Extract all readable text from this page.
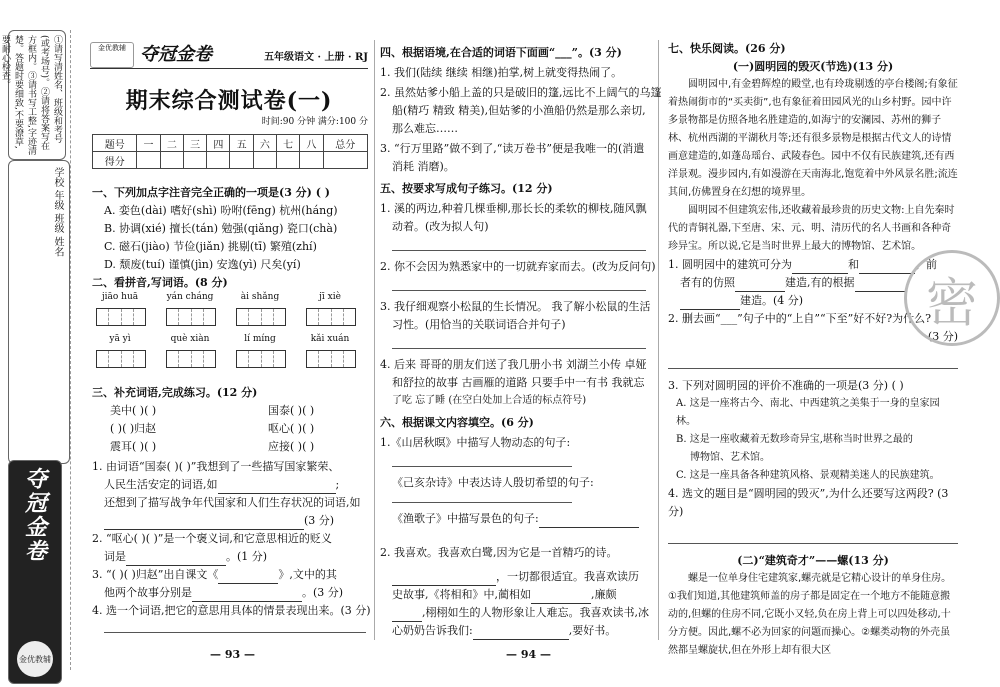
①请写清姓名、班级和考号(或考场号)。②请将答案写在方框内。③请书写工整,字迹清楚。答题时要细致,不要潦草,要耐心检查。
学校 年级 班级 姓名
夺冠金卷
金优教辅
金优教辅 夺冠金卷	五年级语文 · 上册 · RJ
期末综合测试卷(一)
时间:90 分钟 满分:100 分
题号	一	二	三	四	五	六	七	八	总分
得分									
一、下列加点字注音完全正确的一项是(3 分) ( )
A. 娈色(dài) 嗜好(shì) 吩咐(fēng) 杭州(háng)
B. 协调(xié) 擅长(tán) 勉强(qiǎng) 瓷口(chà)
C. 磁石(jiào) 节俭(jiǎn) 挑剔(tī) 繁殖(zhí)
D. 颓废(tuí) 谨慎(jìn) 安逸(yì) 尺矣(yí)
二、看拼音,写词语。(8 分)
jiāo huā	yán cháng	ài shǎng	jī xiè
yā yì	què xiàn	lí míng	kǎi xuán
三、补充词语,完成练习。(12 分)
美中( )( )	国泰( )( )
( )( )归赵	呕心( )( )
震耳( )( )	应接( )( )
1. 由词语“国泰( )( )”我想到了一些描写国家繁荣、
人民生活安定的词语,如	;
还想到了描写战争年代国家和人们生存状况的词语,如
(3 分)
2. “呕心( )( )”是一个褒义词,和它意思相近的贬义
词是	。(1 分)
3. “( )( )归赵”出自课文《	》,文中的其
他两个故事分别是	。(3 分)
4. 选一个词语,把它的意思用具体的情景表现出来。(3 分)
— 93 —
四、根据语境,在合适的词语下面画“___”。(3 分)
1. 我们(陆续 继续 相继)拍掌,树上就变得热闹了。
2. 虽然姑爹小船上盖的只是破旧的篷,远比不上阔气的乌篷
船(精巧 精致 精美),但姑爹的小渔船仍然是那么亲切,
那么难忘……
3. “行万里路”做不到了,“读万卷书”便是我唯一的(消遣
消耗 消磨)。
五、按要求写成句子练习。(12 分)
1. 溪的两边,种着几棵垂柳,那长长的柔软的柳枝,随风飘
动着。(改为拟人句)
2. 你不会因为熟悉家中的一切就弃家而去。(改为反问句)
3. 我仔细观察小松鼠的生长情况。 我了解小松鼠的生活
习性。(用恰当的关联词语合并句子)
4. 后来 哥哥的朋友们送了我几册小书 刘湖兰小传 卓娅
和舒拉的故事 古画雁的道路 只要手中一有书 我就忘
了吃 忘了睡 (在空白处加上合适的标点符号)
六、根据课文内容填空。(6 分)
1.《山居秋暝》中描写人物动态的句子:
《己亥杂诗》中表达诗人殷切希望的句子:
《渔歌子》中描写景色的句子:
2. 我喜欢。我喜欢白鹭,因为它是一首精巧的诗。
，一切都很适宜。我喜欢读历
史故事,《将相和》中,蔺相如	,廉颇
,栩栩如生的人物形象让人难忘。我喜欢读书,冰
心奶奶告诉我们:	,要好书。
— 94 —
七、快乐阅读。(26 分)
(一)圆明园的毁灭(节选)(13 分)

圆明园中,有金碧辉煌的殿堂,也有玲珑剔透的亭台楼阁;有象征着热闹街市的“买卖街”,也有象征着田园风光的山乡村野。园中许多景物都是仿照各地名胜建造的,如海宁的安澜园、苏州的狮子林、杭州西湖的平湖秋月等;还有很多景物是根据古代文人的诗情画意建造的,如蓬岛瑶台、武陵春色。园中不仅有民族建筑,还有西洋景观。漫步园内,有如漫游在天南海北,饱览着中外风景名胜;流连其间,仿佛置身在幻想的境界里。

圆明园不但建筑宏伟,还收藏着最珍贵的历史文物:上自先秦时代的青铜礼器,下至唐、宋、元、明、清历代的名人书画和各种奇珍异宝。所以说,它是当时世界上最大的博物馆、艺术馆。

1. 圆明园中的建筑可分为	和	。前
者有的仿照	建造,有的根据
建造。(4 分)
2. 删去画“___”句子中的“上自”“下至”好不好?为什么?
(3 分)
3. 下列对圆明园的评价不准确的一项是(3 分) ( )
A. 这是一座将古今、南北、中西建筑之美集于一身的皇家园林。
B. 这是一座收藏着无数珍奇异宝,堪称当时世界之最的
博物馆、艺术馆。
C. 这是一座具备各种建筑风格、景观精美迷人的民族建筑。
4. 选文的题目是“圆明园的毁灭”,为什么还要写这两段? (3 分)
(二)“建筑奇才”——螺(13 分)

螺是一位单身住宅建筑家,螺壳就是它精心设计的单身住房。①我们知道,其他建筑师盖的房子都是固定在一个地方不能随意搬动的,但螺的住房不同,它既小又轻,负在房上背上可以四处移动,十分方便。因此,螺不必为回家的问题而操心。②螺类动物的外壳虽然都呈螺旋状,但在外形上却有很大区

密
